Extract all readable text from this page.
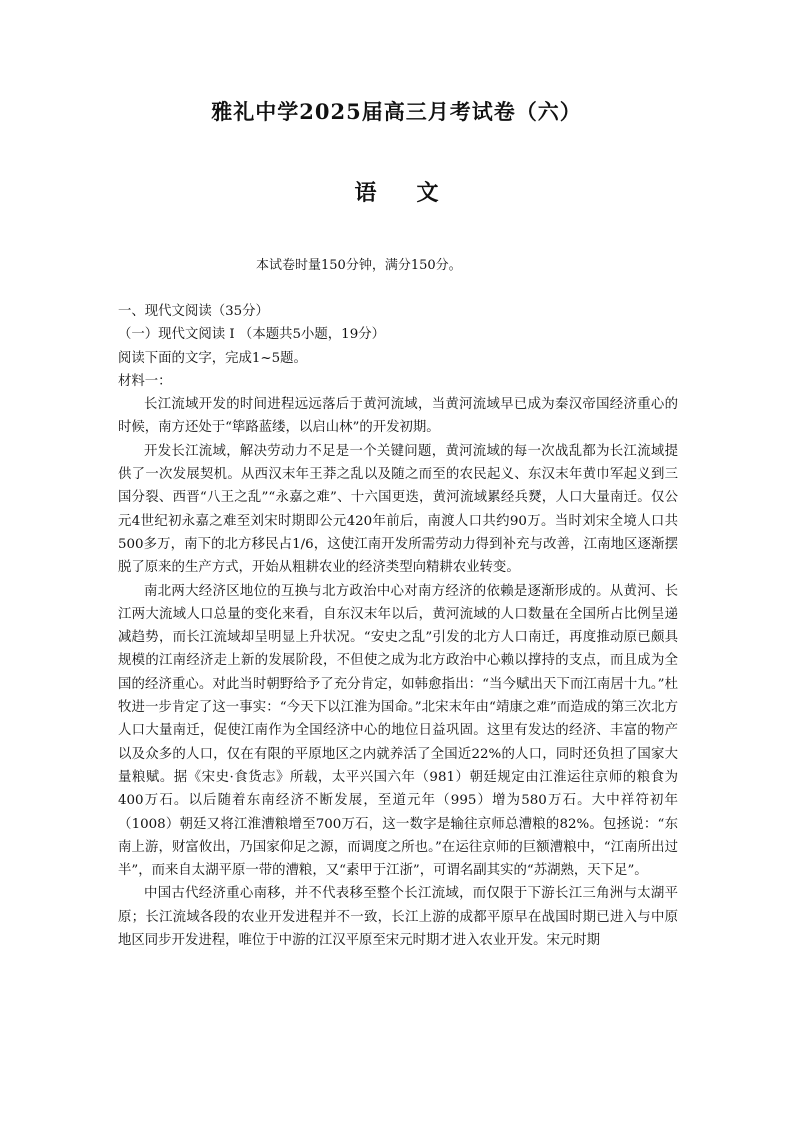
雅礼中学2025届高三月考试卷（六）
语 文
本试卷时量150分钟，满分150分。
一、现代文阅读（35分）
（一）现代文阅读 I （本题共5小题，19分）
阅读下面的文字，完成1~5题。
材料一：

长江流域开发的时间进程远远落后于黄河流域，当黄河流域早已成为秦汉帝国经济重心的时候，南方还处于“筚路蓝缕，以启山林”的开发初期。

开发长江流域，解决劳动力不足是一个关键问题，黄河流域的每一次战乱都为长江流域提供了一次发展契机。从西汉末年王莽之乱以及随之而至的农民起义、东汉末年黄巾军起义到三国分裂、西晋“八王之乱”“永嘉之难”、十六国更迭，黄河流域累经兵燹，人口大量南迁。仅公元4世纪初永嘉之难至刘宋时期即公元420年前后，南渡人口共约90万。当时刘宋全境人口共500多万，南下的北方移民占1/6，这使江南开发所需劳动力得到补充与改善，江南地区逐渐摆脱了原来的生产方式，开始从粗耕农业的经济类型向精耕农业转变。

南北两大经济区地位的互换与北方政治中心对南方经济的依赖是逐渐形成的。从黄河、长江两大流域人口总量的变化来看，自东汉末年以后，黄河流域的人口数量在全国所占比例呈递减趋势，而长江流域却呈明显上升状况。“安史之乱”引发的北方人口南迁，再度推动原已颇具规模的江南经济走上新的发展阶段，不但使之成为北方政治中心赖以撑持的支点，而且成为全国的经济重心。对此当时朝野给予了充分肯定，如韩愈指出：“当今赋出天下而江南居十九。”杜牧进一步肯定了这一事实：“今天下以江淮为国命。”北宋末年由“靖康之难”而造成的第三次北方人口大量南迁，促使江南作为全国经济中心的地位日益巩固。这里有发达的经济、丰富的物产以及众多的人口，仅在有限的平原地区之内就养活了全国近22%的人口，同时还负担了国家大量粮赋。据《宋史·食货志》所载，太平兴国六年（981）朝廷规定由江淮运往京师的粮食为400万石。以后随着东南经济不断发展，至道元年（995）增为580万石。大中祥符初年（1008）朝廷又将江淮漕粮增至700万石，这一数字是输往京师总漕粮的82%。包拯说：“东南上游，财富攸出，乃国家仰足之源，而调度之所也。”在运往京师的巨额漕粮中，“江南所出过半”，而来自太湖平原一带的漕粮，又“素甲于江浙”，可谓名副其实的“苏湖熟，天下足”。

中国古代经济重心南移，并不代表移至整个长江流域，而仅限于下游长江三角洲与太湖平原；长江流域各段的农业开发进程并不一致，长江上游的成都平原早在战国时期已进入与中原地区同步开发进程，唯位于中游的江汉平原至宋元时期才进入农业开发。宋元时期
